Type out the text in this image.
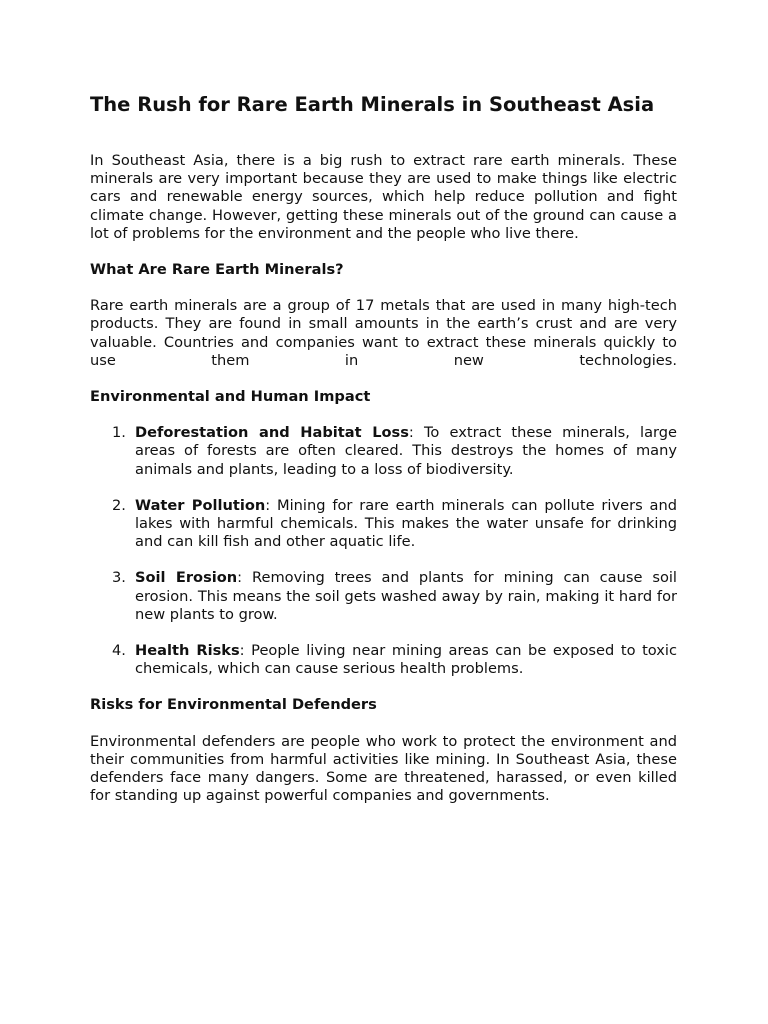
The Rush for Rare Earth Minerals in Southeast Asia

In Southeast Asia, there is a big rush to extract rare earth minerals. These minerals are very important because they are used to make things like electric cars and renewable energy sources, which help reduce pollution and fight climate change. However, getting these minerals out of the ground can cause a lot of problems for the environment and the people who live there.

What Are Rare Earth Minerals?

Rare earth minerals are a group of 17 metals that are used in many high-tech products. They are found in small amounts in the earth’s crust and are very valuable. Countries and companies want to extract these minerals quickly to use them in new technologies.

Environmental and Human Impact
1. Deforestation and Habitat Loss: To extract these minerals, large areas of forests are often cleared. This destroys the homes of many animals and plants, leading to a loss of biodiversity.
2. Water Pollution: Mining for rare earth minerals can pollute rivers and lakes with harmful chemicals. This makes the water unsafe for drinking and can kill fish and other aquatic life.
3. Soil Erosion: Removing trees and plants for mining can cause soil erosion. This means the soil gets washed away by rain, making it hard for new plants to grow.
4. Health Risks: People living near mining areas can be exposed to toxic chemicals, which can cause serious health problems.
Risks for Environmental Defenders

Environmental defenders are people who work to protect the environment and their communities from harmful activities like mining. In Southeast Asia, these defenders face many dangers. Some are threatened, harassed, or even killed for standing up against powerful companies and governments.
